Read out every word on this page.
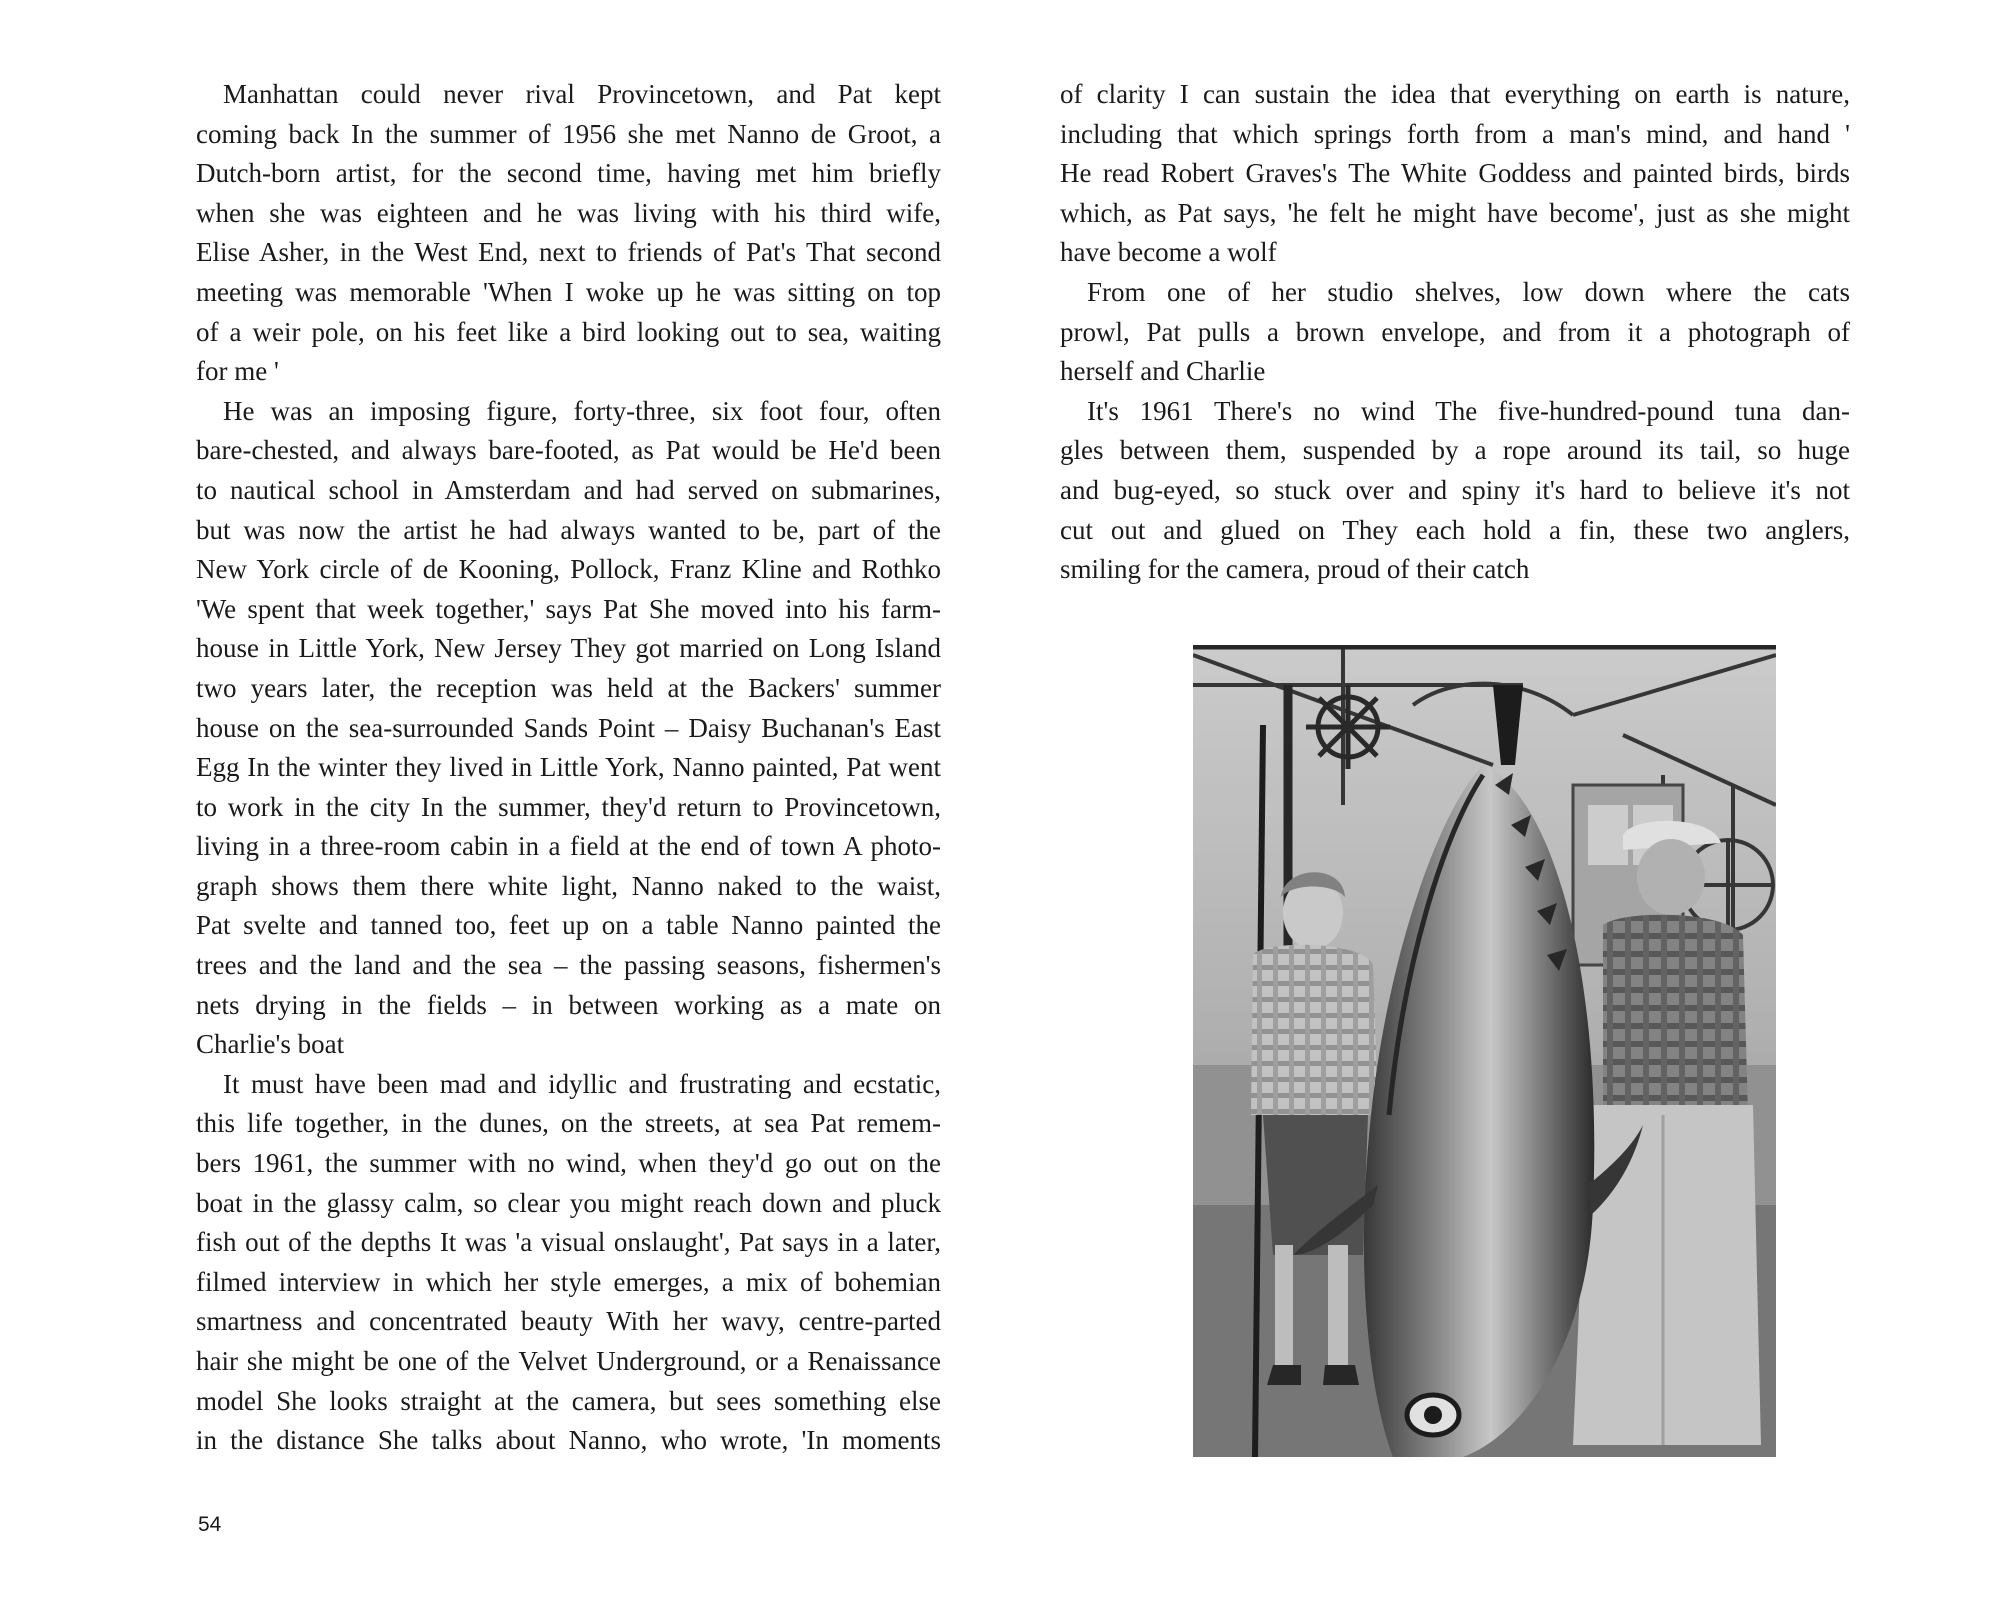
 Manhattan could never rival Provincetown, and Pat kept
coming back In the summer of 1956 she met Nanno de Groot, a
Dutch-born artist, for the second time, having met him briefly
when she was eighteen and he was living with his third wife,
Elise Asher, in the West End, next to friends of Pat's That second
meeting was memorable 'When I woke up he was sitting on top
of a weir pole, on his feet like a bird looking out to sea, waiting
for me '
 He was an imposing figure, forty-three, six foot four, often
bare-chested, and always bare-footed, as Pat would be He'd been
to nautical school in Amsterdam and had served on submarines,
but was now the artist he had always wanted to be, part of the
New York circle of de Kooning, Pollock, Franz Kline and Rothko
'We spent that week together,' says Pat She moved into his farm-
house in Little York, New Jersey They got married on Long Island
two years later, the reception was held at the Backers' summer
house on the sea-surrounded Sands Point – Daisy Buchanan's East
Egg In the winter they lived in Little York, Nanno painted, Pat went
to work in the city In the summer, they'd return to Provincetown,
living in a three-room cabin in a field at the end of town A photo-
graph shows them there white light, Nanno naked to the waist,
Pat svelte and tanned too, feet up on a table Nanno painted the
trees and the land and the sea – the passing seasons, fishermen's
nets drying in the fields – in between working as a mate on
Charlie's boat
 It must have been mad and idyllic and frustrating and ecstatic,
this life together, in the dunes, on the streets, at sea Pat remem-
bers 1961, the summer with no wind, when they'd go out on the
boat in the glassy calm, so clear you might reach down and pluck
fish out of the depths It was 'a visual onslaught', Pat says in a later,
filmed interview in which her style emerges, a mix of bohemian
smartness and concentrated beauty With her wavy, centre-parted
hair she might be one of the Velvet Underground, or a Renaissance
model She looks straight at the camera, but sees something else
in the distance She talks about Nanno, who wrote, 'In moments
54
of clarity I can sustain the idea that everything on earth is nature,
including that which springs forth from a man's mind, and hand '
He read Robert Graves's The White Goddess and painted birds, birds
which, as Pat says, 'he felt he might have become', just as she might
have become a wolf
 From one of her studio shelves, low down where the cats
prowl, Pat pulls a brown envelope, and from it a photograph of
herself and Charlie
 It's 1961 There's no wind The five-hundred-pound tuna dan-
gles between them, suspended by a rope around its tail, so huge
and bug-eyed, so stuck over and spiny it's hard to believe it's not
cut out and glued on They each hold a fin, these two anglers,
smiling for the camera, proud of their catch
